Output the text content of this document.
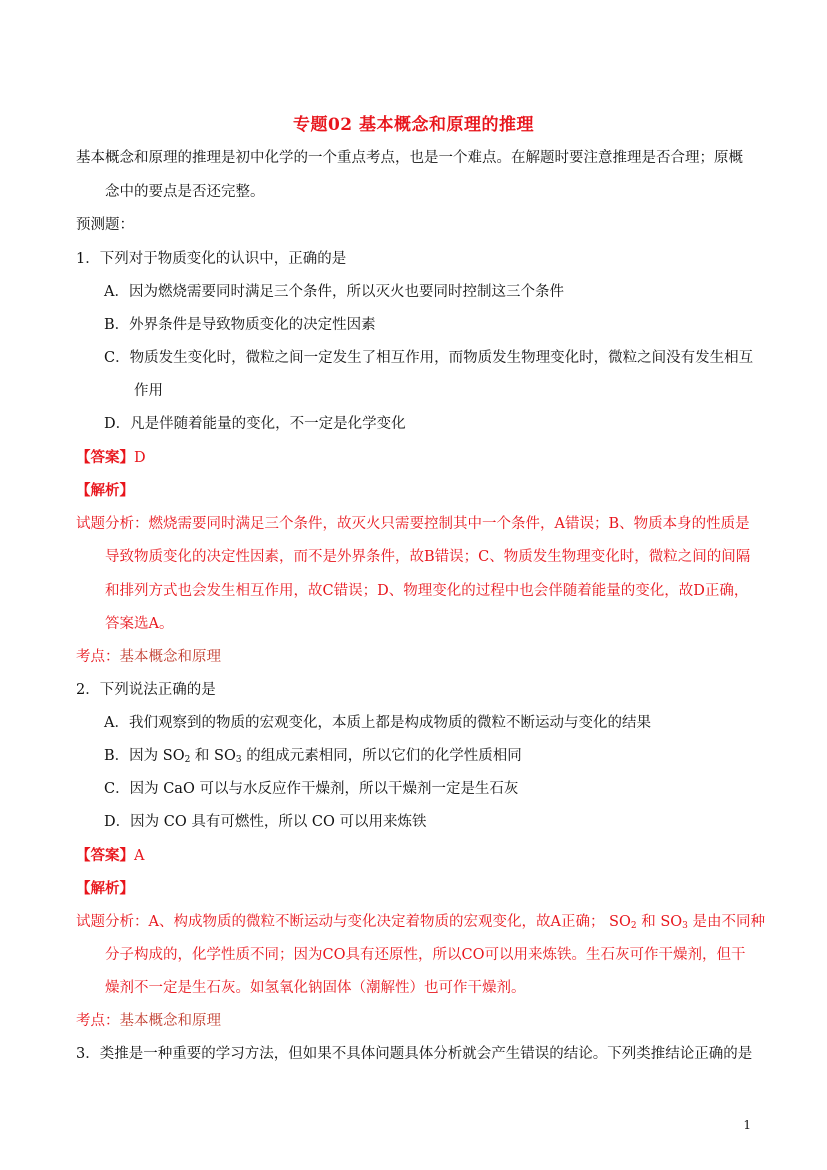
专题02 基本概念和原理的推理
基本概念和原理的推理是初中化学的一个重点考点，也是一个难点。在解题时要注意推理是否合理；原概
念中的要点是否还完整。
预测题：
1．下列对于物质变化的认识中，正确的是
A．因为燃烧需要同时满足三个条件，所以灭火也要同时控制这三个条件
B．外界条件是导致物质变化的决定性因素
C．物质发生变化时，微粒之间一定发生了相互作用，而物质发生物理变化时，微粒之间没有发生相互
作用
D．凡是伴随着能量的变化，不一定是化学变化
【答案】D
【解析】
试题分析：燃烧需要同时满足三个条件，故灭火只需要控制其中一个条件，A错误；B、物质本身的性质是
导致物质变化的决定性因素，而不是外界条件，故B错误；C、物质发生物理变化时，微粒之间的间隔
和排列方式也会发生相互作用，故C错误；D、物理变化的过程中也会伴随着能量的变化，故D正确，
答案选A。
考点：基本概念和原理
2．下列说法正确的是
A．我们观察到的物质的宏观变化，本质上都是构成物质的微粒不断运动与变化的结果
B．因为 $SO_2$ 和 $SO_3$ 的组成元素相同，所以它们的化学性质相同
C．因为 CaO 可以与水反应作干燥剂，所以干燥剂一定是生石灰
D．因为 CO 具有可燃性，所以 CO 可以用来炼铁
【答案】A
【解析】
试题分析：A、构成物质的微粒不断运动与变化决定着物质的宏观变化，故A正确； $SO_2$ 和 $SO_3$ 是由不同种
分子构成的，化学性质不同；因为CO具有还原性，所以CO可以用来炼铁。生石灰可作干燥剂，但干
燥剂不一定是生石灰。如氢氧化钠固体（潮解性）也可作干燥剂。
考点：基本概念和原理
3．类推是一种重要的学习方法，但如果不具体问题具体分析就会产生错误的结论。下列类推结论正确的是
1
